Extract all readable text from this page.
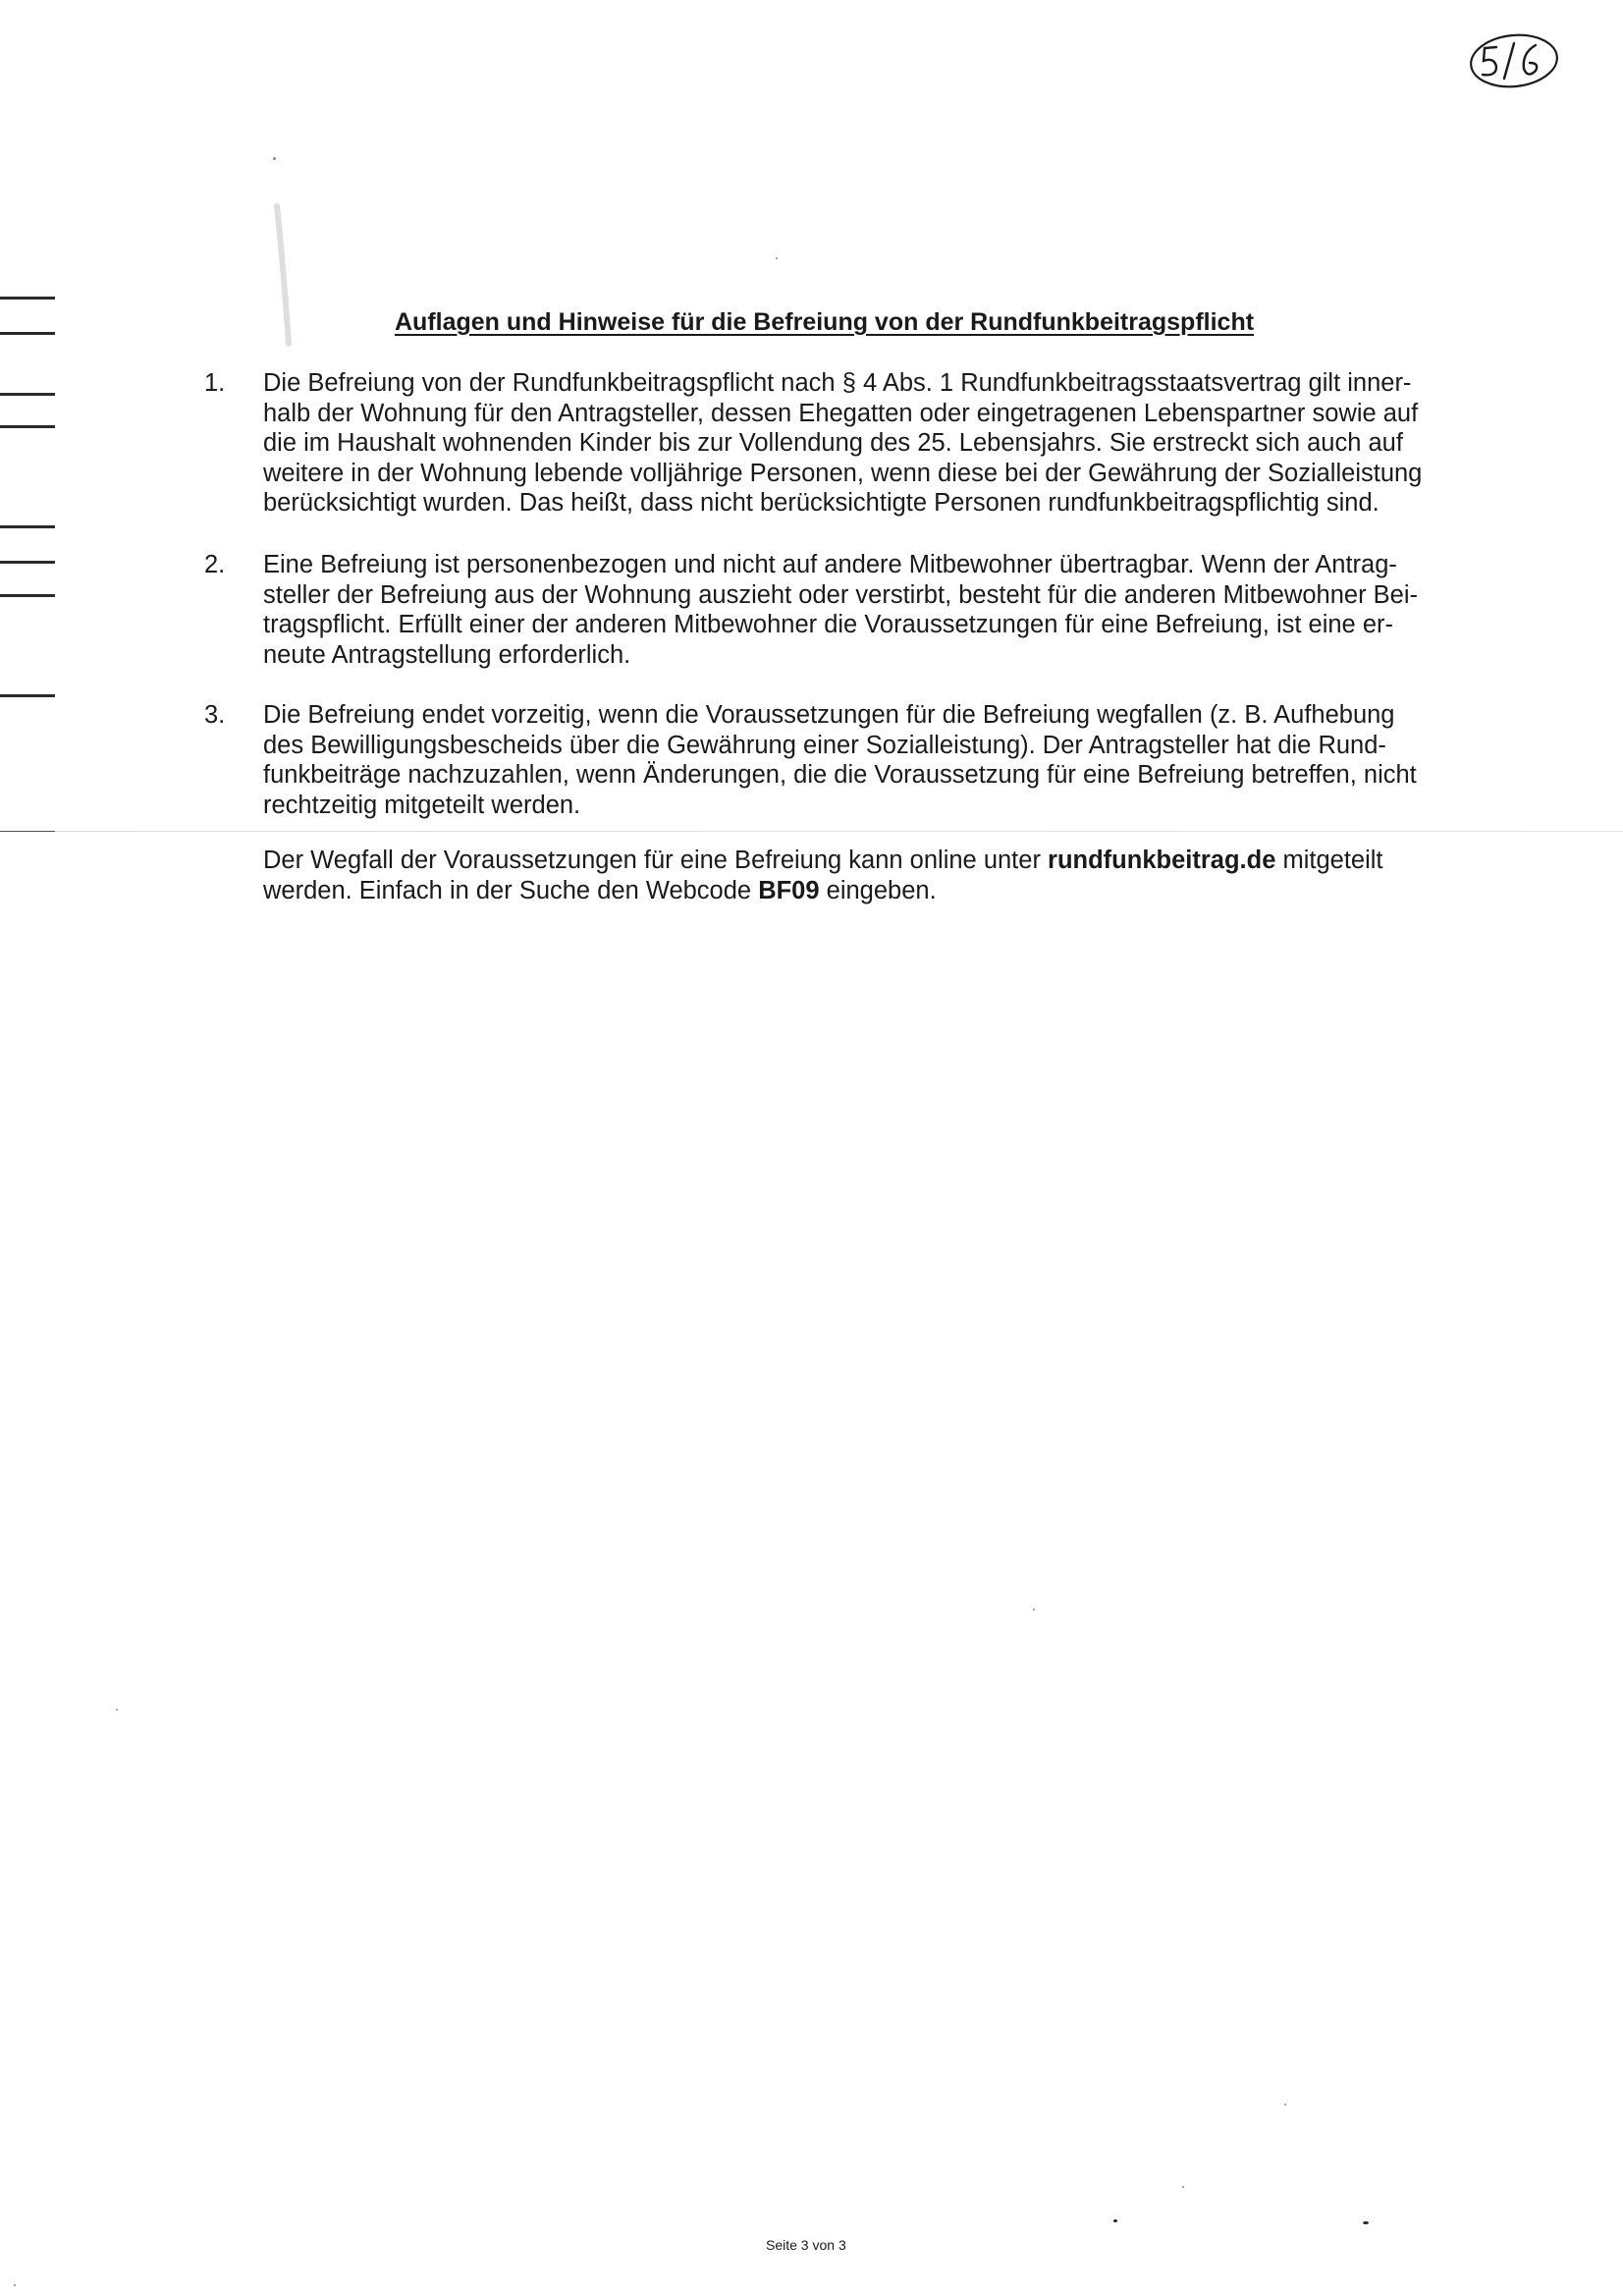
Auflagen und Hinweise für die Befreiung von der Rundfunkbeitragspflicht
1.	Die Befreiung von der Rundfunkbeitragspflicht nach § 4 Abs. 1 Rundfunkbeitragsstaatsvertrag gilt inner-
halb der Wohnung für den Antragsteller, dessen Ehegatten oder eingetragenen Lebenspartner sowie auf
die im Haushalt wohnenden Kinder bis zur Vollendung des 25. Lebensjahrs. Sie erstreckt sich auch auf
weitere in der Wohnung lebende volljährige Personen, wenn diese bei der Gewährung der Sozialleistung
berücksichtigt wurden. Das heißt, dass nicht berücksichtigte Personen rundfunkbeitragspflichtig sind.
2.	Eine Befreiung ist personenbezogen und nicht auf andere Mitbewohner übertragbar. Wenn der Antrag-
steller der Befreiung aus der Wohnung auszieht oder verstirbt, besteht für die anderen Mitbewohner Bei-
tragspflicht. Erfüllt einer der anderen Mitbewohner die Voraussetzungen für eine Befreiung, ist eine er-
neute Antragstellung erforderlich.
3.	Die Befreiung endet vorzeitig, wenn die Voraussetzungen für die Befreiung wegfallen (z. B. Aufhebung
des Bewilligungsbescheids über die Gewährung einer Sozialleistung). Der Antragsteller hat die Rund-
funkbeiträge nachzuzahlen, wenn Änderungen, die die Voraussetzung für eine Befreiung betreffen, nicht
rechtzeitig mitgeteilt werden.
Der Wegfall der Voraussetzungen für eine Befreiung kann online unter rundfunkbeitrag.de mitgeteilt
werden. Einfach in der Suche den Webcode BF09 eingeben.
Seite 3 von 3
